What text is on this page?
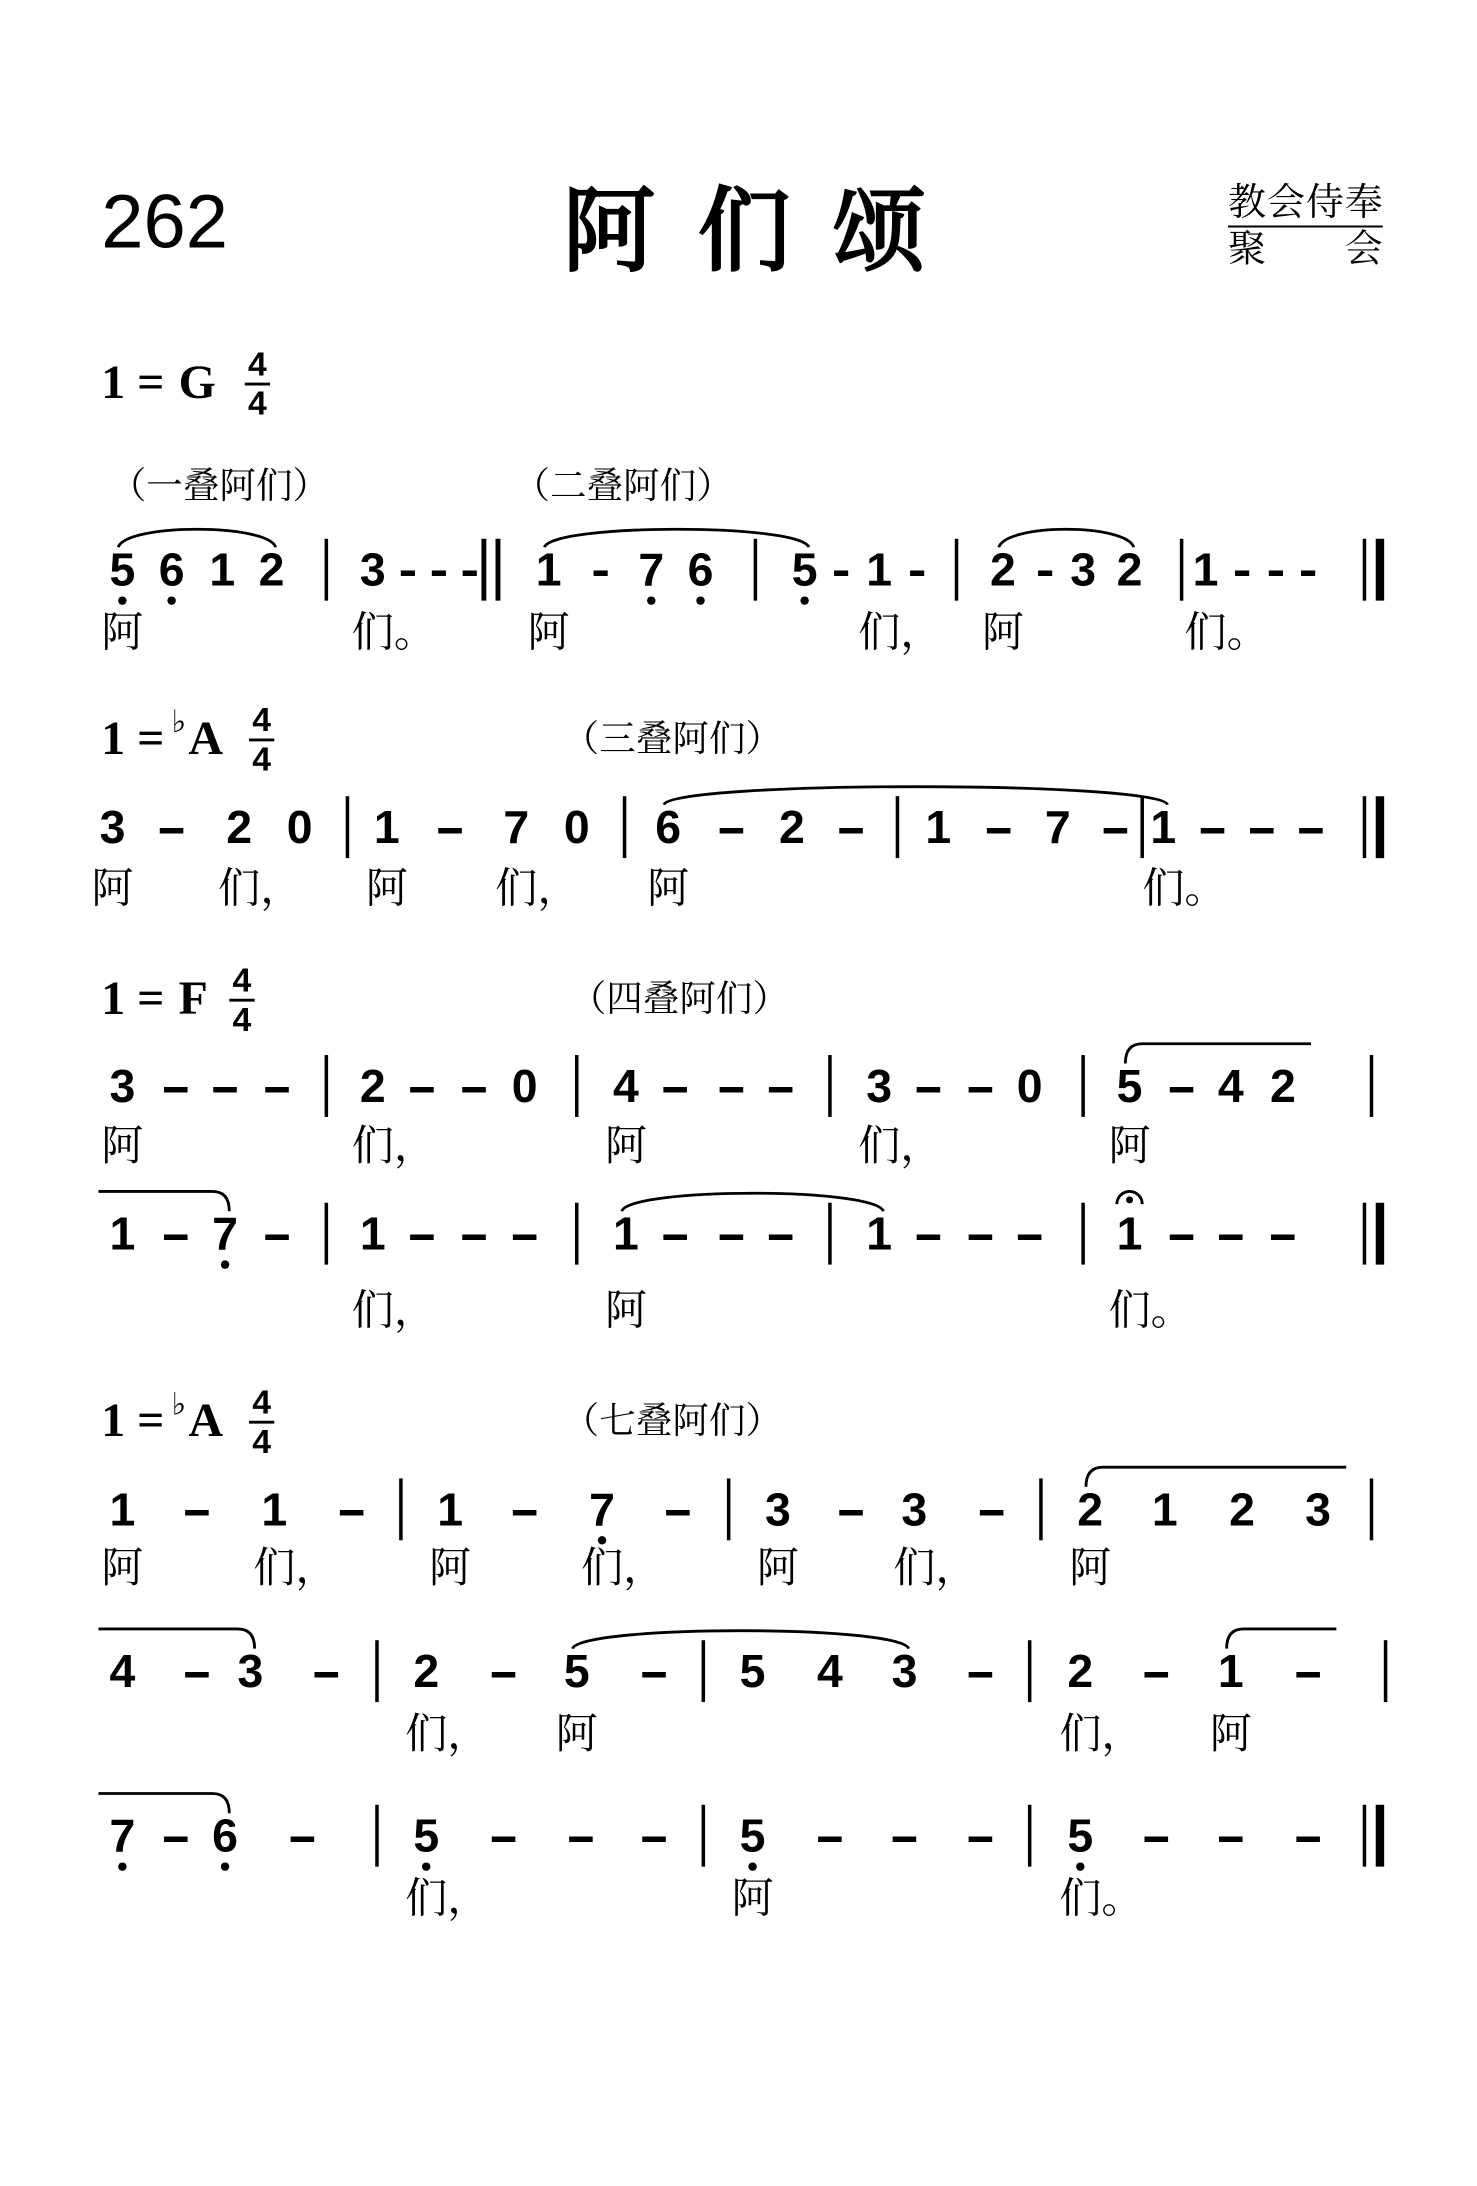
262	阿们颂	教会侍奉
聚　　会
1 = G 4
4
（一叠阿们）	（二叠阿们）
5 6 1 2 3 - - - 1 - 7 6 5 - 1 - 2 - 3 2 1 - - -
阿	们。	阿	们， 阿	们。
1 = ♭ A 4
4
（三叠阿们）
3 - 2 0 1 - 7 0 6 - 2 - 1 - 7 - 1 - - -
阿	们， 阿	们， 阿	们。
1 = F 4
4
（四叠阿们）
3 - - - 2 - - 0 4 - - - 3 - - 0 5 - 4 2
阿	们，	阿	们，	阿
1 - 7 - 1 - - - 1 - - - 1 - - - 1 - - -
们，	阿	们。
1 = ♭ A 4
4
（七叠阿们）
1 - 1 - 1 - 7 - 3 - 3 - 2 1 2 3
阿	们，	阿	们，	阿	们，	阿
4 - 3 - 2 - 5 - 5 4 3 - 2 - 1 -
们， 阿	们， 阿
7 - 6 -	5 - - - 5 - - - 5 - - -
们，	阿	们。
